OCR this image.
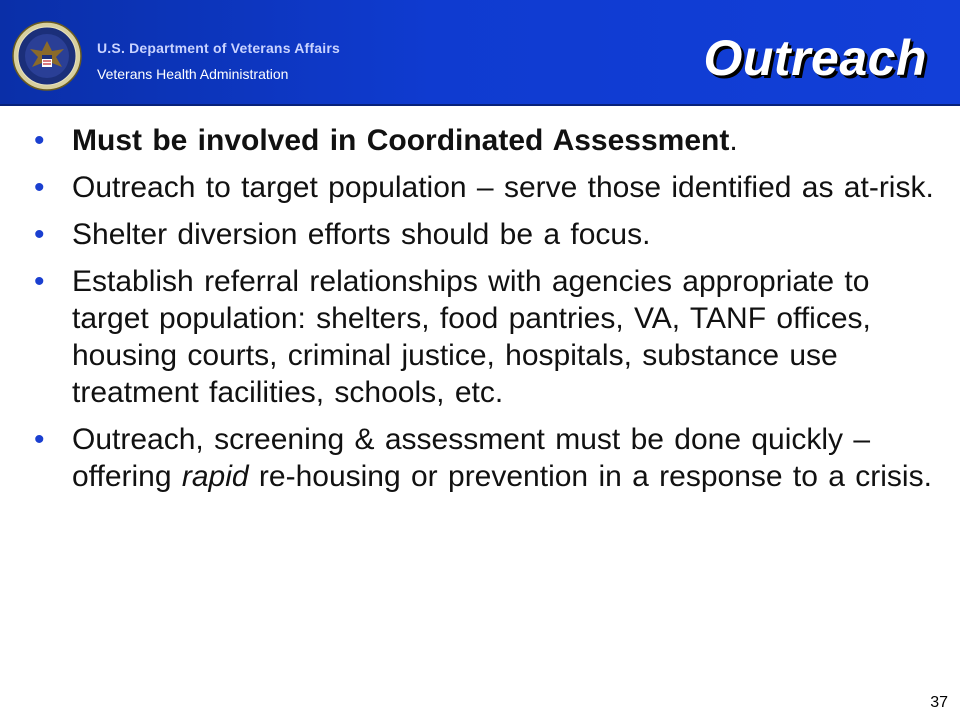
U.S. Department of Veterans Affairs
Veterans Health Administration	Outreach
• Must be involved in Coordinated Assessment.
• Outreach to target population – serve those identified as at-risk.
• Shelter diversion efforts should be a focus.
• Establish referral relationships with agencies appropriate to target population: shelters, food pantries, VA, TANF offices, housing courts, criminal justice, hospitals, substance use treatment facilities, schools, etc.
• Outreach, screening & assessment must be done quickly – offering rapid re-housing or prevention in a response to a crisis.
37
